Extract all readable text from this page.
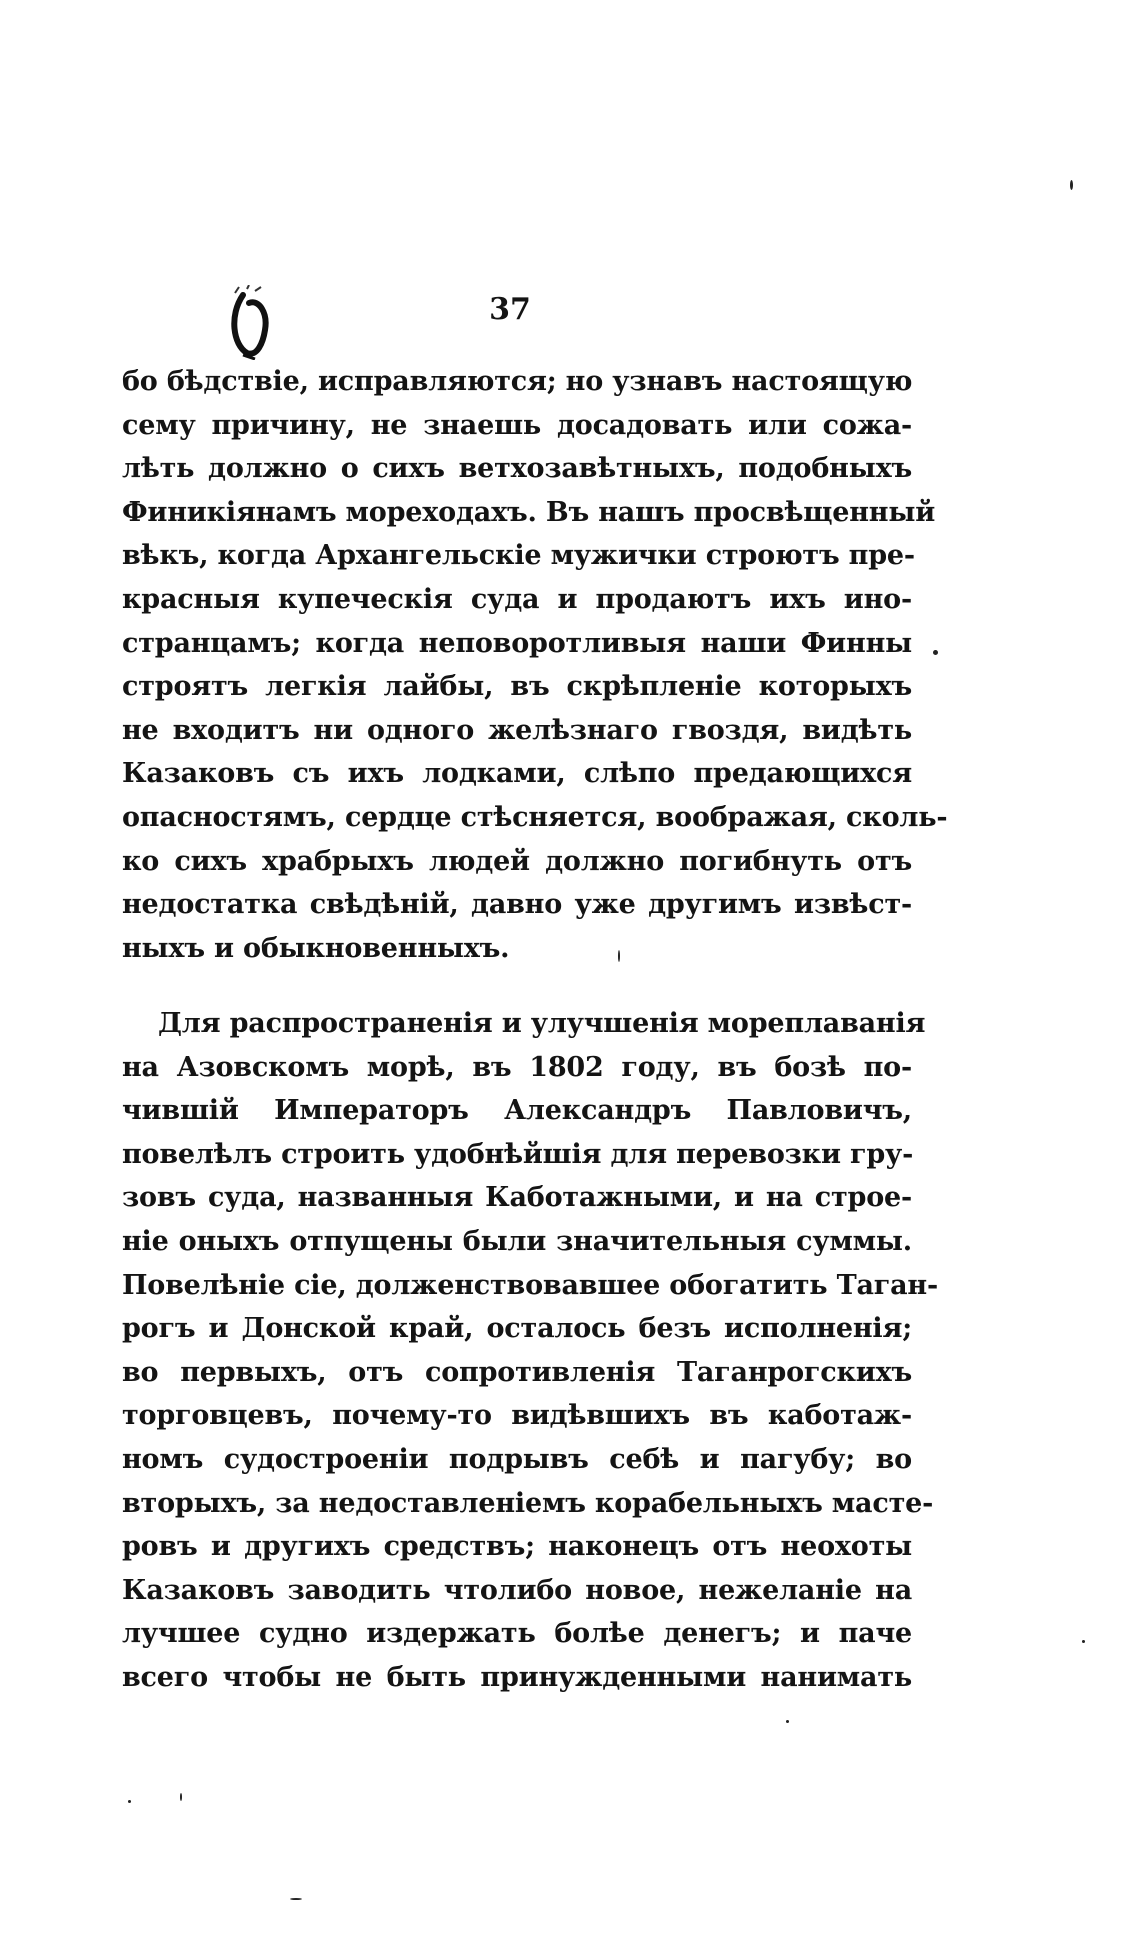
37
бо бѣдствіе, исправляются; но узнавъ настоящую
сему причину, не знаешь досадовать или сожа-
лѣть должно о сихъ ветхозавѣтныхъ, подобныхъ
Финикіянамъ мореходахъ. Въ нашъ просвѣщенный
вѣкъ, когда Архангельскіе мужички строютъ пре-
красныя купеческія суда и продаютъ ихъ ино-
странцамъ; когда неповоротливыя наши Финны
строятъ легкія лайбы, въ скрѣпленіе которыхъ
не входитъ ни одного желѣзнаго гвоздя, видѣть
Казаковъ съ ихъ лодками, слѣпо предающихся
опасностямъ, сердце стѣсняется, воображая, сколь-
ко сихъ храбрыхъ людей должно погибнуть отъ
недостатка свѣдѣній, давно уже другимъ извѣст-
ныхъ и обыкновенныхъ.
Для распространенія и улучшенія мореплаванія
на Азовскомъ морѣ, въ 1802 году, въ бозѣ по-
чившій Императоръ Александръ Павловичъ,
повелѣлъ строить удобнѣйшія для перевозки гру-
зовъ суда, названныя Каботажными, и на строе-
ніе оныхъ отпущены были значительныя суммы.
Повелѣніе сіе, долженствовавшее обогатить Таган-
рогъ и Донской край, осталось безъ исполненія;
во первыхъ, отъ сопротивленія Таганрогскихъ
торговцевъ, почему-то видѣвшихъ въ каботаж-
номъ судостроеніи подрывъ себѣ и пагубу; во
вторыхъ, за недоставленіемъ корабельныхъ масте-
ровъ и другихъ средствъ; наконецъ отъ неохоты
Казаковъ заводить чтолибо новое, нежеланіе на
лучшее судно издержать болѣе денегъ; и паче
всего чтобы не быть принужденными нанимать
